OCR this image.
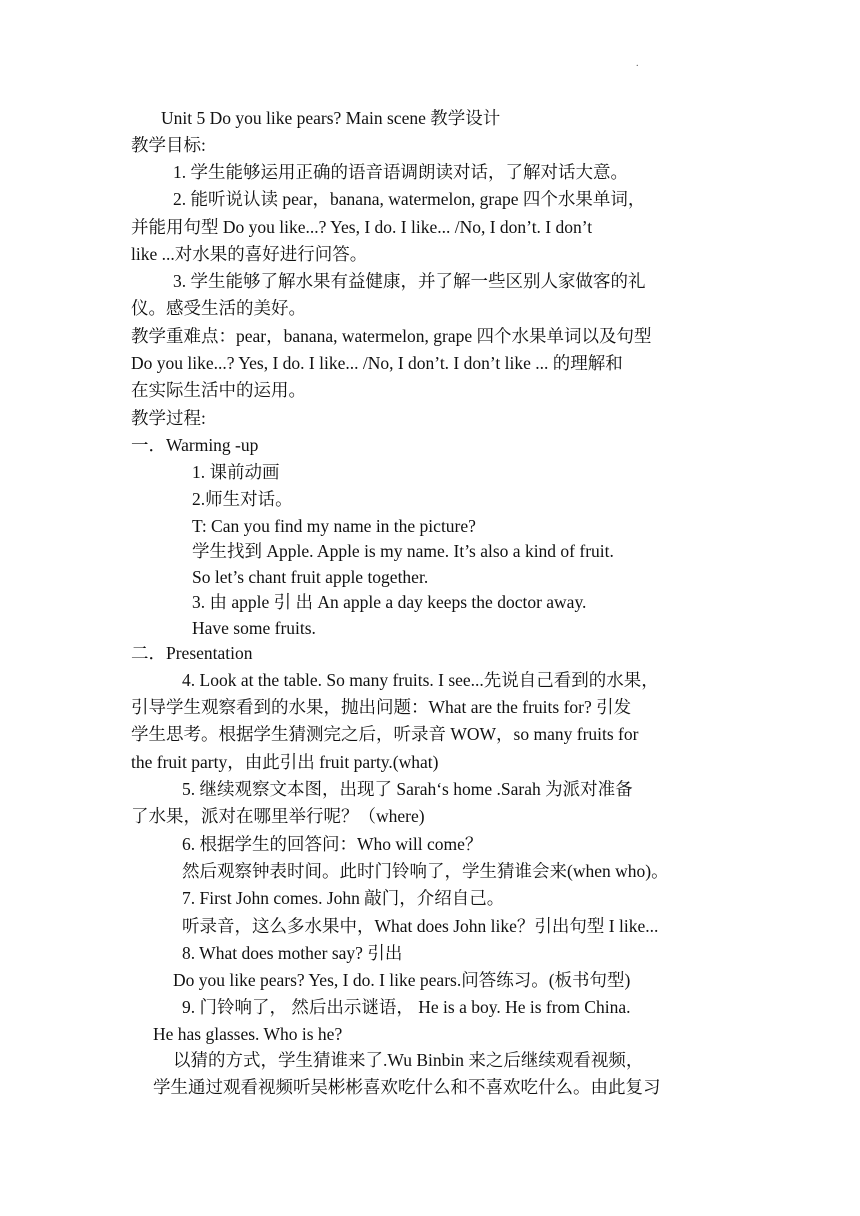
.
Unit 5 Do you like pears? Main scene 教学设计
教学目标:
1. 学生能够运用正确的语音语调朗读对话，了解对话大意。
2. 能听说认读 pear，banana, watermelon, grape 四个水果单词，
并能用句型 Do you like...? Yes, I do. I like... /No, I don’t. I don’t
like ...对水果的喜好进行问答。
3. 学生能够了解水果有益健康，并了解一些区别人家做客的礼
仪。感受生活的美好。
教学重难点：pear，banana, watermelon, grape 四个水果单词以及句型
Do you like...? Yes, I do. I like... /No, I don’t. I don’t like ... 的理解和
在实际生活中的运用。
教学过程:
一．Warming -up
1. 课前动画
2.师生对话。
T: Can you find my name in the picture?
学生找到 Apple. Apple is my name. It’s also a kind of fruit.
So let’s chant fruit apple together.
3. 由 apple 引 出 An apple a day keeps the doctor away.
Have some fruits.
二．Presentation
4. Look at the table. So many fruits. I see...先说自己看到的水果，
引导学生观察看到的水果，抛出问题：What are the fruits for? 引发
学生思考。根据学生猜测完之后，听录音 WOW，so many fruits for
the fruit party，由此引出 fruit party.(what)
5. 继续观察文本图，出现了 Sarah‘s home .Sarah 为派对准备
了水果，派对在哪里举行呢？（where)
6. 根据学生的回答问：Who will come？
然后观察钟表时间。此时门铃响了，学生猜谁会来(when who)。
7. First John comes. John 敲门，介绍自己。
听录音，这么多水果中，What does John like？引出句型 I like...
8. What does mother say? 引出
Do you like pears? Yes, I do. I like pears.问答练习。(板书句型)
9. 门铃响了， 然后出示谜语， He is a boy. He is from China.
He has glasses. Who is he?
以猜的方式，学生猜谁来了.Wu Binbin 来之后继续观看视频，
学生通过观看视频听吴彬彬喜欢吃什么和不喜欢吃什么。由此复习
